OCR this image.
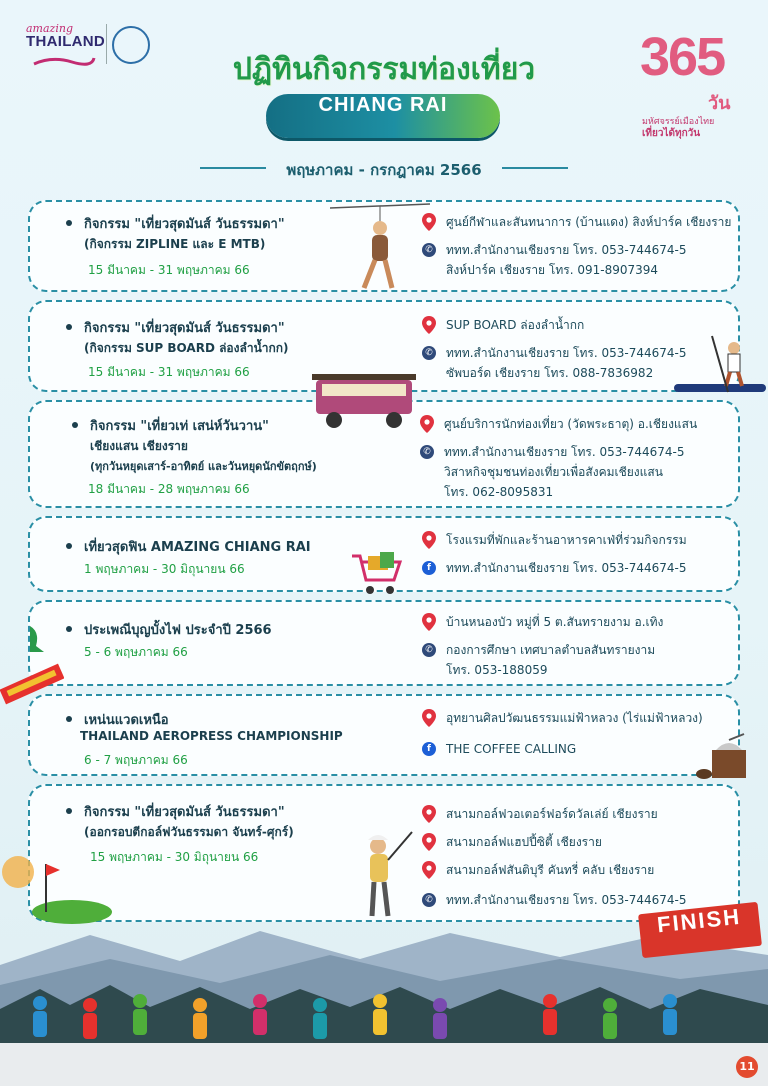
amazing
THAILAND
ปฏิทินกิจกรรมท่องเที่ยว
CHIANG RAI
พฤษภาคม - กรกฎาคม 2566
365
วัน
มหัศจรรย์เมืองไทย
เที่ยวได้ทุกวัน
กิจกรรม "เที่ยวสุดมันส์ วันธรรมดา"
(กิจกรรม ZIPLINE และ E MTB)
15 มีนาคม - 31 พฤษภาคม 66
ศูนย์กีฬาและสันทนาการ (บ้านแดง) สิงห์ปาร์ค เชียงราย
✆ ททท.สำนักงานเชียงราย โทร. 053-744674-5
สิงห์ปาร์ค เชียงราย โทร. 091-8907394
กิจกรรม "เที่ยวสุดมันส์ วันธรรมดา"
(กิจกรรม SUP BOARD ล่องลำน้ำกก)
15 มีนาคม - 31 พฤษภาคม 66
SUP BOARD ล่องลำน้ำกก
✆ ททท.สำนักงานเชียงราย โทร. 053-744674-5
ซัพบอร์ด เชียงราย โทร. 088-7836982
กิจกรรม "เที่ยวเท่ เสน่ห์วันวาน"
เชียงแสน เชียงราย
(ทุกวันหยุดเสาร์-อาทิตย์ และวันหยุดนักขัตฤกษ์)
18 มีนาคม - 28 พฤษภาคม 66
ศูนย์บริการนักท่องเที่ยว (วัดพระธาตุ) อ.เชียงแสน
✆ ททท.สำนักงานเชียงราย โทร. 053-744674-5
วิสาหกิจชุมชนท่องเที่ยวเพื่อสังคมเชียงแสน
โทร. 062-8095831
เที่ยวสุดฟิน AMAZING CHIANG RAI
1 พฤษภาคม - 30 มิถุนายน 66
โรงแรมที่พักและร้านอาหารคาเฟ่ที่ร่วมกิจกรรม
f	ททท.สำนักงานเชียงราย โทร. 053-744674-5
ประเพณีบุญบั้งไฟ ประจำปี 2566
5 - 6 พฤษภาคม 66
บ้านหนองบัว หมู่ที่ 5 ต.สันทรายงาม อ.เทิง
✆ กองการศึกษา เทศบาลตำบลสันทรายงาม
โทร. 053-188059
เหน่นแวดเหนือ
THAILAND AEROPRESS CHAMPIONSHIP
6 - 7 พฤษภาคม 66
อุทยานศิลปวัฒนธรรมแม่ฟ้าหลวง (ไร่แม่ฟ้าหลวง)
f	THE COFFEE CALLING
กิจกรรม "เที่ยวสุดมันส์ วันธรรมดา"
(ออกรอบตีกอล์ฟวันธรรมดา จันทร์-ศุกร์)
15 พฤษภาคม - 30 มิถุนายน 66
สนามกอล์ฟวอเตอร์ฟอร์ดวัลเล่ย์ เชียงราย
สนามกอล์ฟแฮปปี้ซิตี้ เชียงราย
สนามกอล์ฟสันติบุรี คันทรี่ คลับ เชียงราย
✆ ททท.สำนักงานเชียงราย โทร. 053-744674-5
FINISH
11
